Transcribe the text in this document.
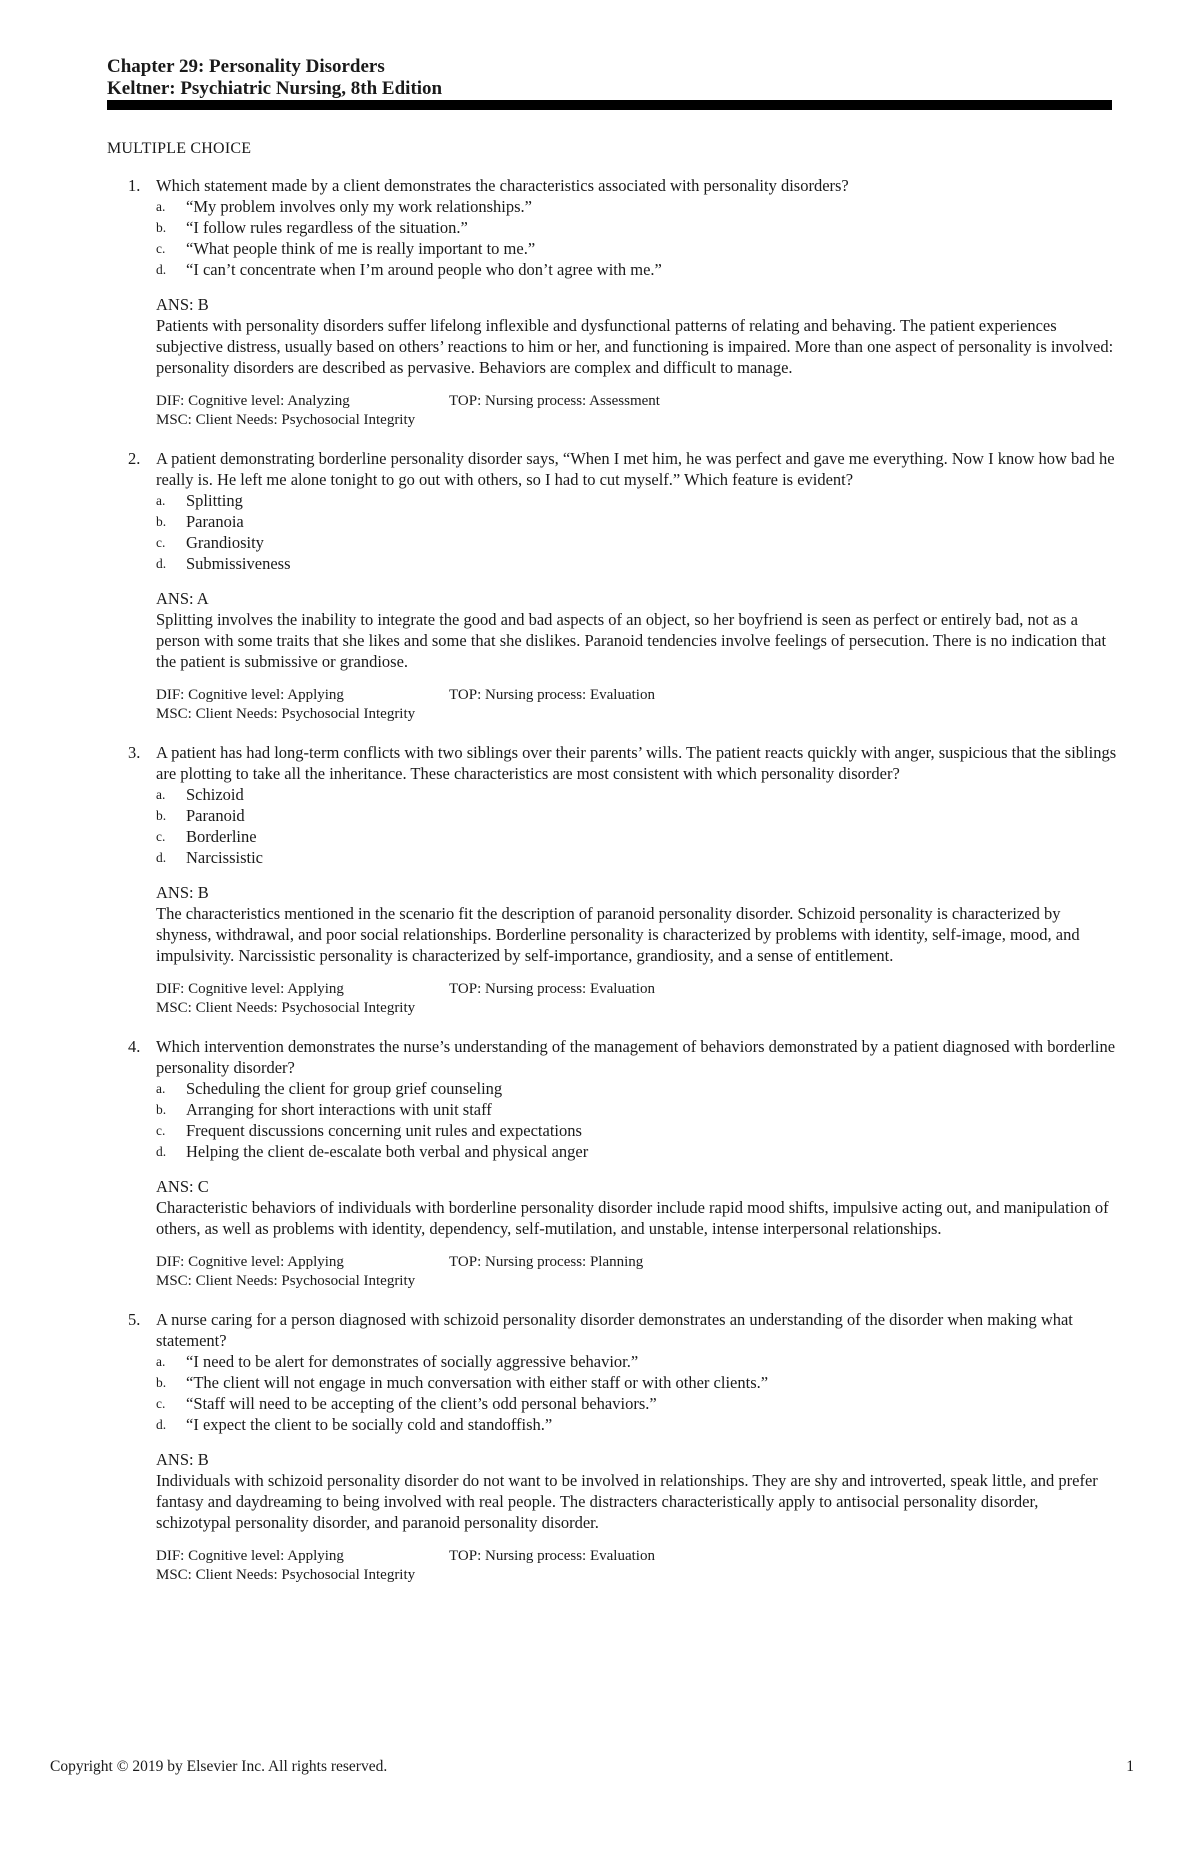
Chapter 29: Personality Disorders
Keltner: Psychiatric Nursing, 8th Edition
MULTIPLE CHOICE
1. Which statement made by a client demonstrates the characteristics associated with personality disorders?
a. “My problem involves only my work relationships.”
b. “I follow rules regardless of the situation.”
c. “What people think of me is really important to me.”
d. “I can’t concentrate when I’m around people who don’t agree with me.”
ANS: B
Patients with personality disorders suffer lifelong inflexible and dysfunctional patterns of relating and behaving. The patient experiences subjective distress, usually based on others’ reactions to him or her, and functioning is impaired. More than one aspect of personality is involved: personality disorders are described as pervasive. Behaviors are complex and difficult to manage.
DIF: Cognitive level: Analyzing	TOP: Nursing process: Assessment
MSC: Client Needs: Psychosocial Integrity
2. A patient demonstrating borderline personality disorder says, “When I met him, he was perfect and gave me everything. Now I know how bad he really is. He left me alone tonight to go out with others, so I had to cut myself.” Which feature is evident?
a. Splitting
b. Paranoia
c. Grandiosity
d. Submissiveness
ANS: A
Splitting involves the inability to integrate the good and bad aspects of an object, so her boyfriend is seen as perfect or entirely bad, not as a person with some traits that she likes and some that she dislikes. Paranoid tendencies involve feelings of persecution. There is no indication that the patient is submissive or grandiose.
DIF: Cognitive level: Applying	TOP: Nursing process: Evaluation
MSC: Client Needs: Psychosocial Integrity
3. A patient has had long-term conflicts with two siblings over their parents’ wills. The patient reacts quickly with anger, suspicious that the siblings are plotting to take all the inheritance. These characteristics are most consistent with which personality disorder?
a. Schizoid
b. Paranoid
c. Borderline
d. Narcissistic
ANS: B
The characteristics mentioned in the scenario fit the description of paranoid personality disorder. Schizoid personality is characterized by shyness, withdrawal, and poor social relationships. Borderline personality is characterized by problems with identity, self-image, mood, and impulsivity. Narcissistic personality is characterized by self-importance, grandiosity, and a sense of entitlement.
DIF: Cognitive level: Applying	TOP: Nursing process: Evaluation
MSC: Client Needs: Psychosocial Integrity
4. Which intervention demonstrates the nurse’s understanding of the management of behaviors demonstrated by a patient diagnosed with borderline personality disorder?
a. Scheduling the client for group grief counseling
b. Arranging for short interactions with unit staff
c. Frequent discussions concerning unit rules and expectations
d. Helping the client de-escalate both verbal and physical anger
ANS: C
Characteristic behaviors of individuals with borderline personality disorder include rapid mood shifts, impulsive acting out, and manipulation of others, as well as problems with identity, dependency, self-mutilation, and unstable, intense interpersonal relationships.
DIF: Cognitive level: Applying	TOP: Nursing process: Planning
MSC: Client Needs: Psychosocial Integrity
5. A nurse caring for a person diagnosed with schizoid personality disorder demonstrates an understanding of the disorder when making what statement?
a. “I need to be alert for demonstrates of socially aggressive behavior.”
b. “The client will not engage in much conversation with either staff or with other clients.”
c. “Staff will need to be accepting of the client’s odd personal behaviors.”
d. “I expect the client to be socially cold and standoffish.”
ANS: B
Individuals with schizoid personality disorder do not want to be involved in relationships. They are shy and introverted, speak little, and prefer fantasy and daydreaming to being involved with real people. The distracters characteristically apply to antisocial personality disorder, schizotypal personality disorder, and paranoid personality disorder.
DIF: Cognitive level: Applying	TOP: Nursing process: Evaluation
MSC: Client Needs: Psychosocial Integrity
Copyright © 2019 by Elsevier Inc. All rights reserved.	1
